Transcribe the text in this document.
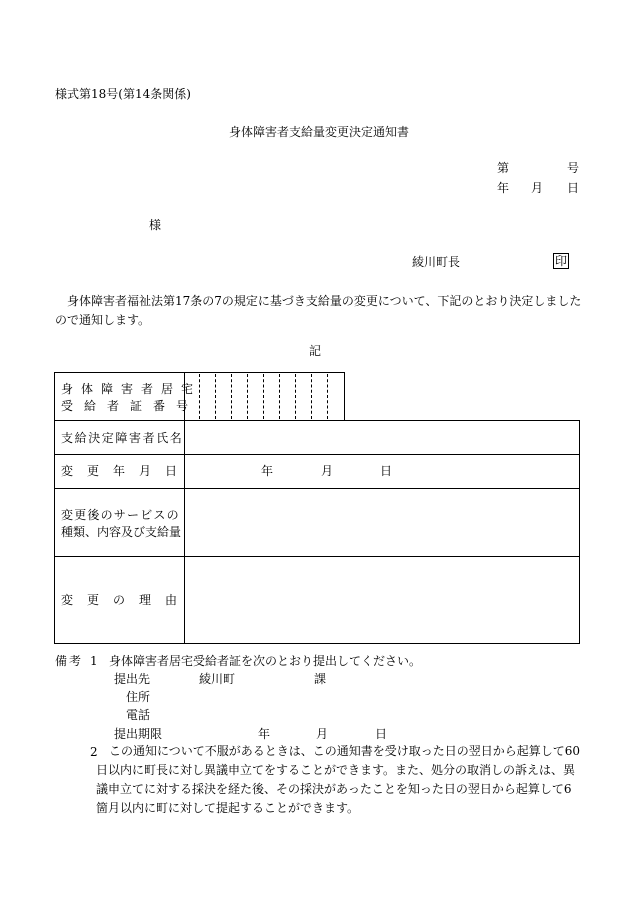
様式第18号(第14条関係)
身体障害者支給量変更決定通知書
第	号
年 月 日
様
綾川町長	印
身体障害者福祉法第17条の7の規定に基づき支給量の変更について、下記のとおり決定しましたので通知します。
記
身体障害者居宅
受給者証番号
支給決定障害者氏名
変更年月日	年	月	日
変更後のサービスの
種類、内容及び支給量
変更の理由
備考 1 身体障害者居宅受給者証を次のとおり提出してください。
提出先	綾川町	課
住所
電話
提出期限	年	月	日
2 この通知について不服があるときは、この通知書を受け取った日の翌日から起算して60日以内に町長に対し異議申立てをすることができます。また、処分の取消しの訴えは、異議申立てに対する採決を経た後、その採決があったことを知った日の翌日から起算して6箇月以内に町に対して提起することができます。
